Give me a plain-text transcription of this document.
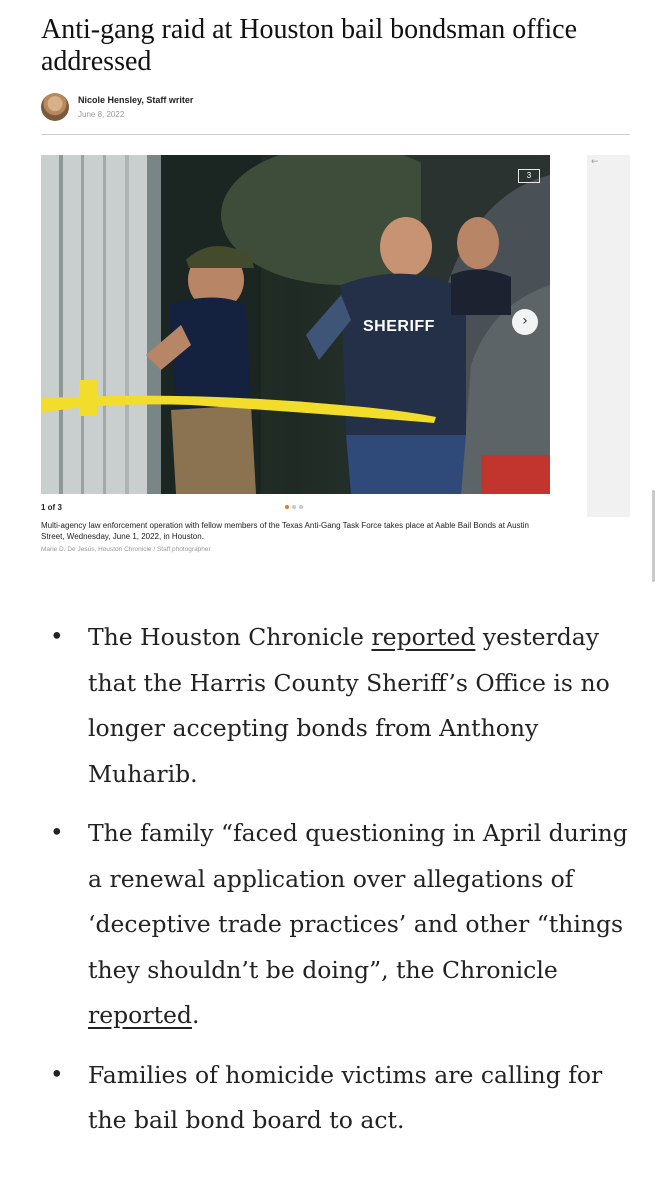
Anti-gang raid at Houston bail bondsman office
addressed
Nicole Hensley, Staff writer
June 8, 2022
SHERIFF
3
›
←
1 of 3
Multi-agency law enforcement operation with fellow members of the Texas Anti-Gang Task Force takes place at Aable Bail Bonds at Austin Street, Wednesday, June 1, 2022, in Houston.
Marie D. De Jesús, Houston Chronicle / Staff photographer
• The Houston Chronicle reported yesterday that the Harris County Sheriff’s Office is no longer accepting bonds from Anthony Muharib.
• The family “faced questioning in April during a renewal application over allegations of ‘deceptive trade practices’ and other “things they shouldn’t be doing”, the Chronicle reported.
• Families of homicide victims are calling for the bail bond board to act.
